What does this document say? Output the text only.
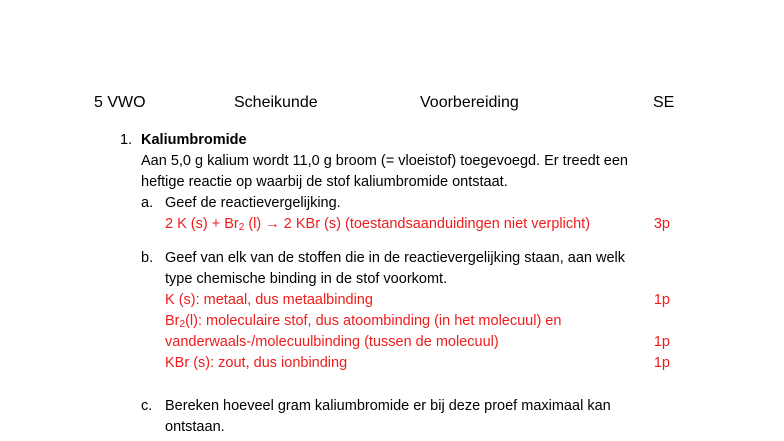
5 VWO	Scheikunde	Voorbereiding	SE
1. Kaliumbromide
Aan 5,0 g kalium wordt 11,0 g broom (= vloeistof) toegevoegd. Er treedt een
heftige reactie op waarbij de stof kaliumbromide ontstaat.
a. Geef de reactievergelijking.
2 K $(s) + Br_2$ (l) → 2 KBr (s) (toestandsaanduidingen niet verplicht)	3p
b. Geef van elk van de stoffen die in de reactievergelijking staan, aan welk
type chemische binding in de stof voorkomt.
K (s): metaal, dus metaalbinding	1p
$Br_2(l)$: moleculaire stof, dus atoombinding (in het molecuul) en
vanderwaals-/molecuulbinding (tussen de molecuul)	1p
KBr (s): zout, dus ionbinding	1p
c. Bereken hoeveel gram kaliumbromide er bij deze proef maximaal kan
ontstaan.
